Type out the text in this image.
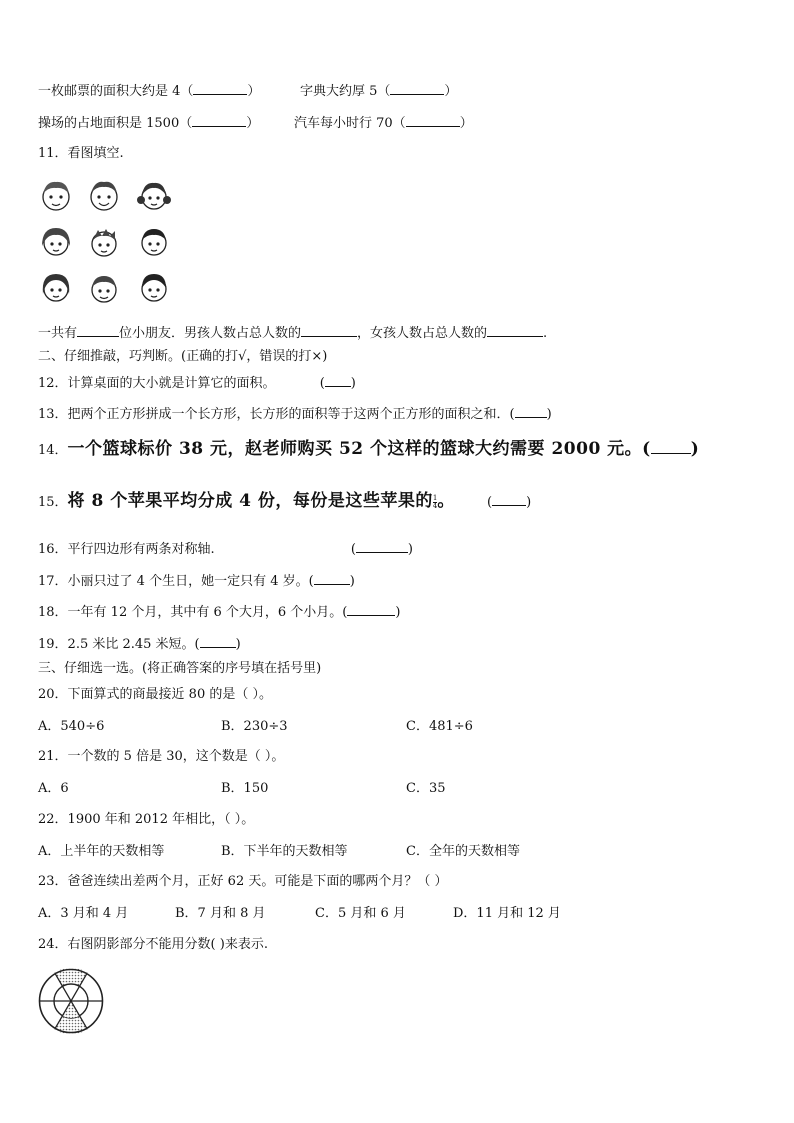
一枚邮票的面积大约是 4（	）	字典大约厚 5（	）
操场的占地面积是 1500（	）	汽车每小时行 70（	）
11．看图填空.
一共有	位小朋友．男孩人数占总人数的	，女孩人数占总人数的	.
二、仔细推敲，巧判断。(正确的打√，错误的打×)
12．计算桌面的大小就是计算它的面积。	( )
13．把两个正方形拼成一个长方形，长方形的面积等于这两个正方形的面积之和．( )
14．一个篮球标价 38 元，赵老师购买 52 个这样的篮球大约需要 2000 元。( )
15．将 8 个苹果平均分成 4 份，每份是这些苹果的 $\frac{1}{4}$ 。 (	)
16．平行四边形有两条对称轴.	(	)
17．小丽只过了 4 个生日，她一定只有 4 岁。(	)
18．一年有 12 个月，其中有 6 个大月，6 个小月。(	)
19．2.5 米比 2.45 米短。(	)
三、仔细选一选。(将正确答案的序号填在括号里)
20．下面算式的商最接近 80 的是（ ）。
A．540÷6	B．230÷3	C．481÷6
21．一个数的 5 倍是 30，这个数是（ ）。
A．6	B．150	C．35
22．1900 年和 2012 年相比，（ ）。
A．上半年的天数相等	B．下半年的天数相等	C．全年的天数相等
23．爸爸连续出差两个月，正好 62 天。可能是下面的哪两个月？（ ）
A．3 月和 4 月	B．7 月和 8 月	C．5 月和 6 月	D．11 月和 12 月
24．右图阴影部分不能用分数( )来表示.
